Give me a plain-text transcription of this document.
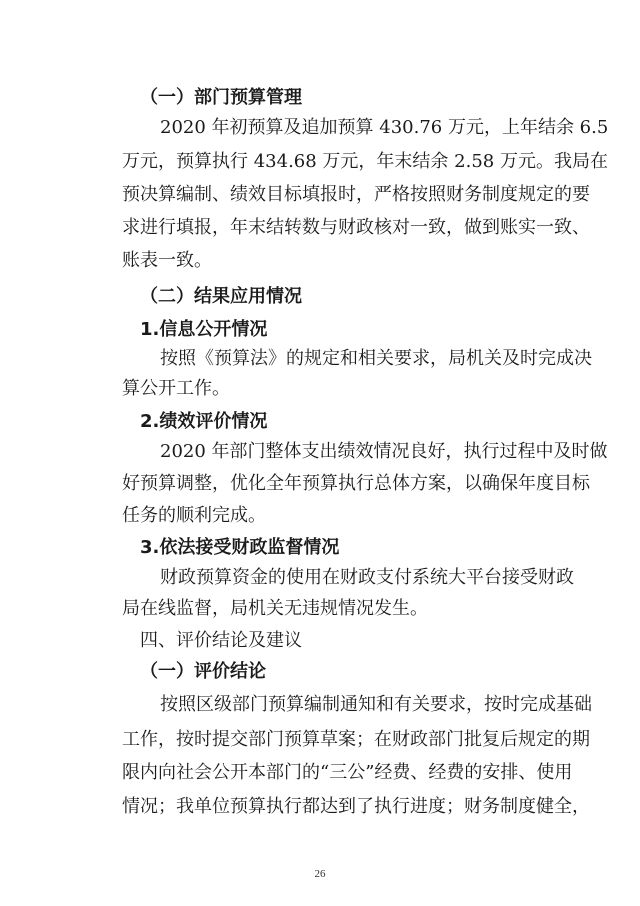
（一）部门预算管理
2020 年初预算及追加预算 430.76 万元，上年结余 6.5
万元，预算执行 434.68 万元，年末结余 2.58 万元。我局在
预决算编制、绩效目标填报时，严格按照财务制度规定的要
求进行填报，年末结转数与财政核对一致，做到账实一致、
账表一致。
（二）结果应用情况
1.信息公开情况
按照《预算法》的规定和相关要求，局机关及时完成决
算公开工作。
2.绩效评价情况
2020 年部门整体支出绩效情况良好，执行过程中及时做
好预算调整，优化全年预算执行总体方案，以确保年度目标
任务的顺利完成。
3.依法接受财政监督情况
财政预算资金的使用在财政支付系统大平台接受财政
局在线监督，局机关无违规情况发生。
四、评价结论及建议
（一）评价结论
按照区级部门预算编制通知和有关要求，按时完成基础
工作，按时提交部门预算草案；在财政部门批复后规定的期
限内向社会公开本部门的“三公”经费、经费的安排、使用
情况；我单位预算执行都达到了执行进度；财务制度健全，
26
